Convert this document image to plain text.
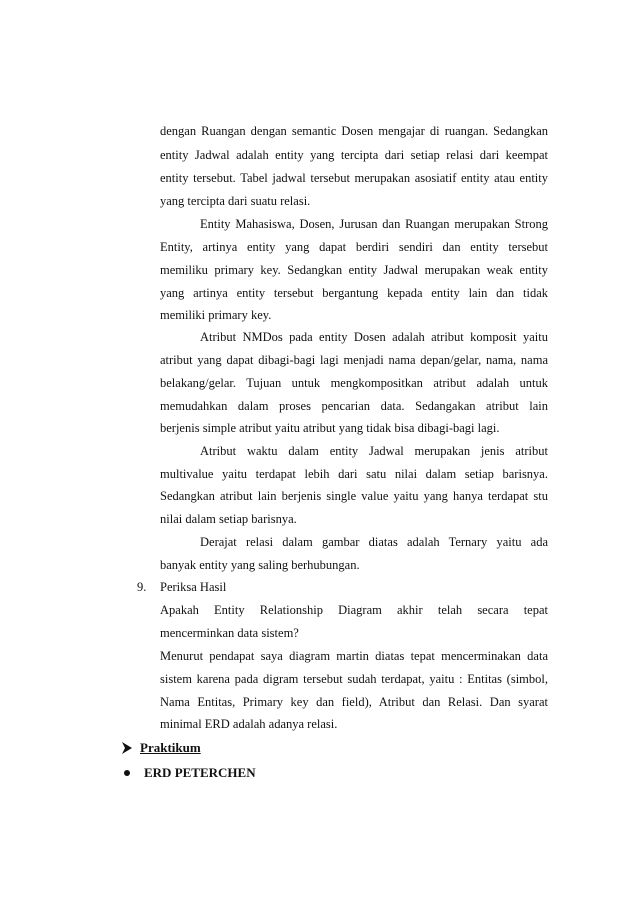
dengan Ruangan dengan semantic Dosen mengajar di ruangan. Sedangkan
entity Jadwal adalah entity yang tercipta dari setiap relasi dari keempat
entity tersebut. Tabel jadwal tersebut merupakan asosiatif entity atau entity
yang tercipta dari suatu relasi.
Entity Mahasiswa, Dosen, Jurusan dan Ruangan merupakan Strong
Entity, artinya entity yang dapat berdiri sendiri dan entity tersebut
memiliku primary key. Sedangkan entity Jadwal merupakan weak entity
yang artinya entity tersebut bergantung kepada entity lain dan tidak
memiliki primary key.
Atribut NMDos pada entity Dosen adalah atribut komposit yaitu
atribut yang dapat dibagi-bagi lagi menjadi nama depan/gelar, nama, nama
belakang/gelar. Tujuan untuk mengkompositkan atribut adalah untuk
memudahkan dalam proses pencarian data. Sedangakan atribut lain
berjenis simple atribut yaitu atribut yang tidak bisa dibagi-bagi lagi.
Atribut waktu dalam entity Jadwal merupakan jenis atribut
multivalue yaitu terdapat lebih dari satu nilai dalam setiap barisnya.
Sedangkan atribut lain berjenis single value yaitu yang hanya terdapat stu
nilai dalam setiap barisnya.
Derajat relasi dalam gambar diatas adalah Ternary yaitu ada
banyak entity yang saling berhubungan.
9. Periksa Hasil
Apakah Entity Relationship Diagram akhir telah secara tepat
mencerminkan data sistem?
Menurut pendapat saya diagram martin diatas tepat mencerminakan data
sistem karena pada digram tersebut sudah terdapat, yaitu : Entitas (simbol,
Nama Entitas, Primary key dan field), Atribut dan Relasi. Dan syarat
minimal ERD adalah adanya relasi.
Praktikum
ERD PETERCHEN
